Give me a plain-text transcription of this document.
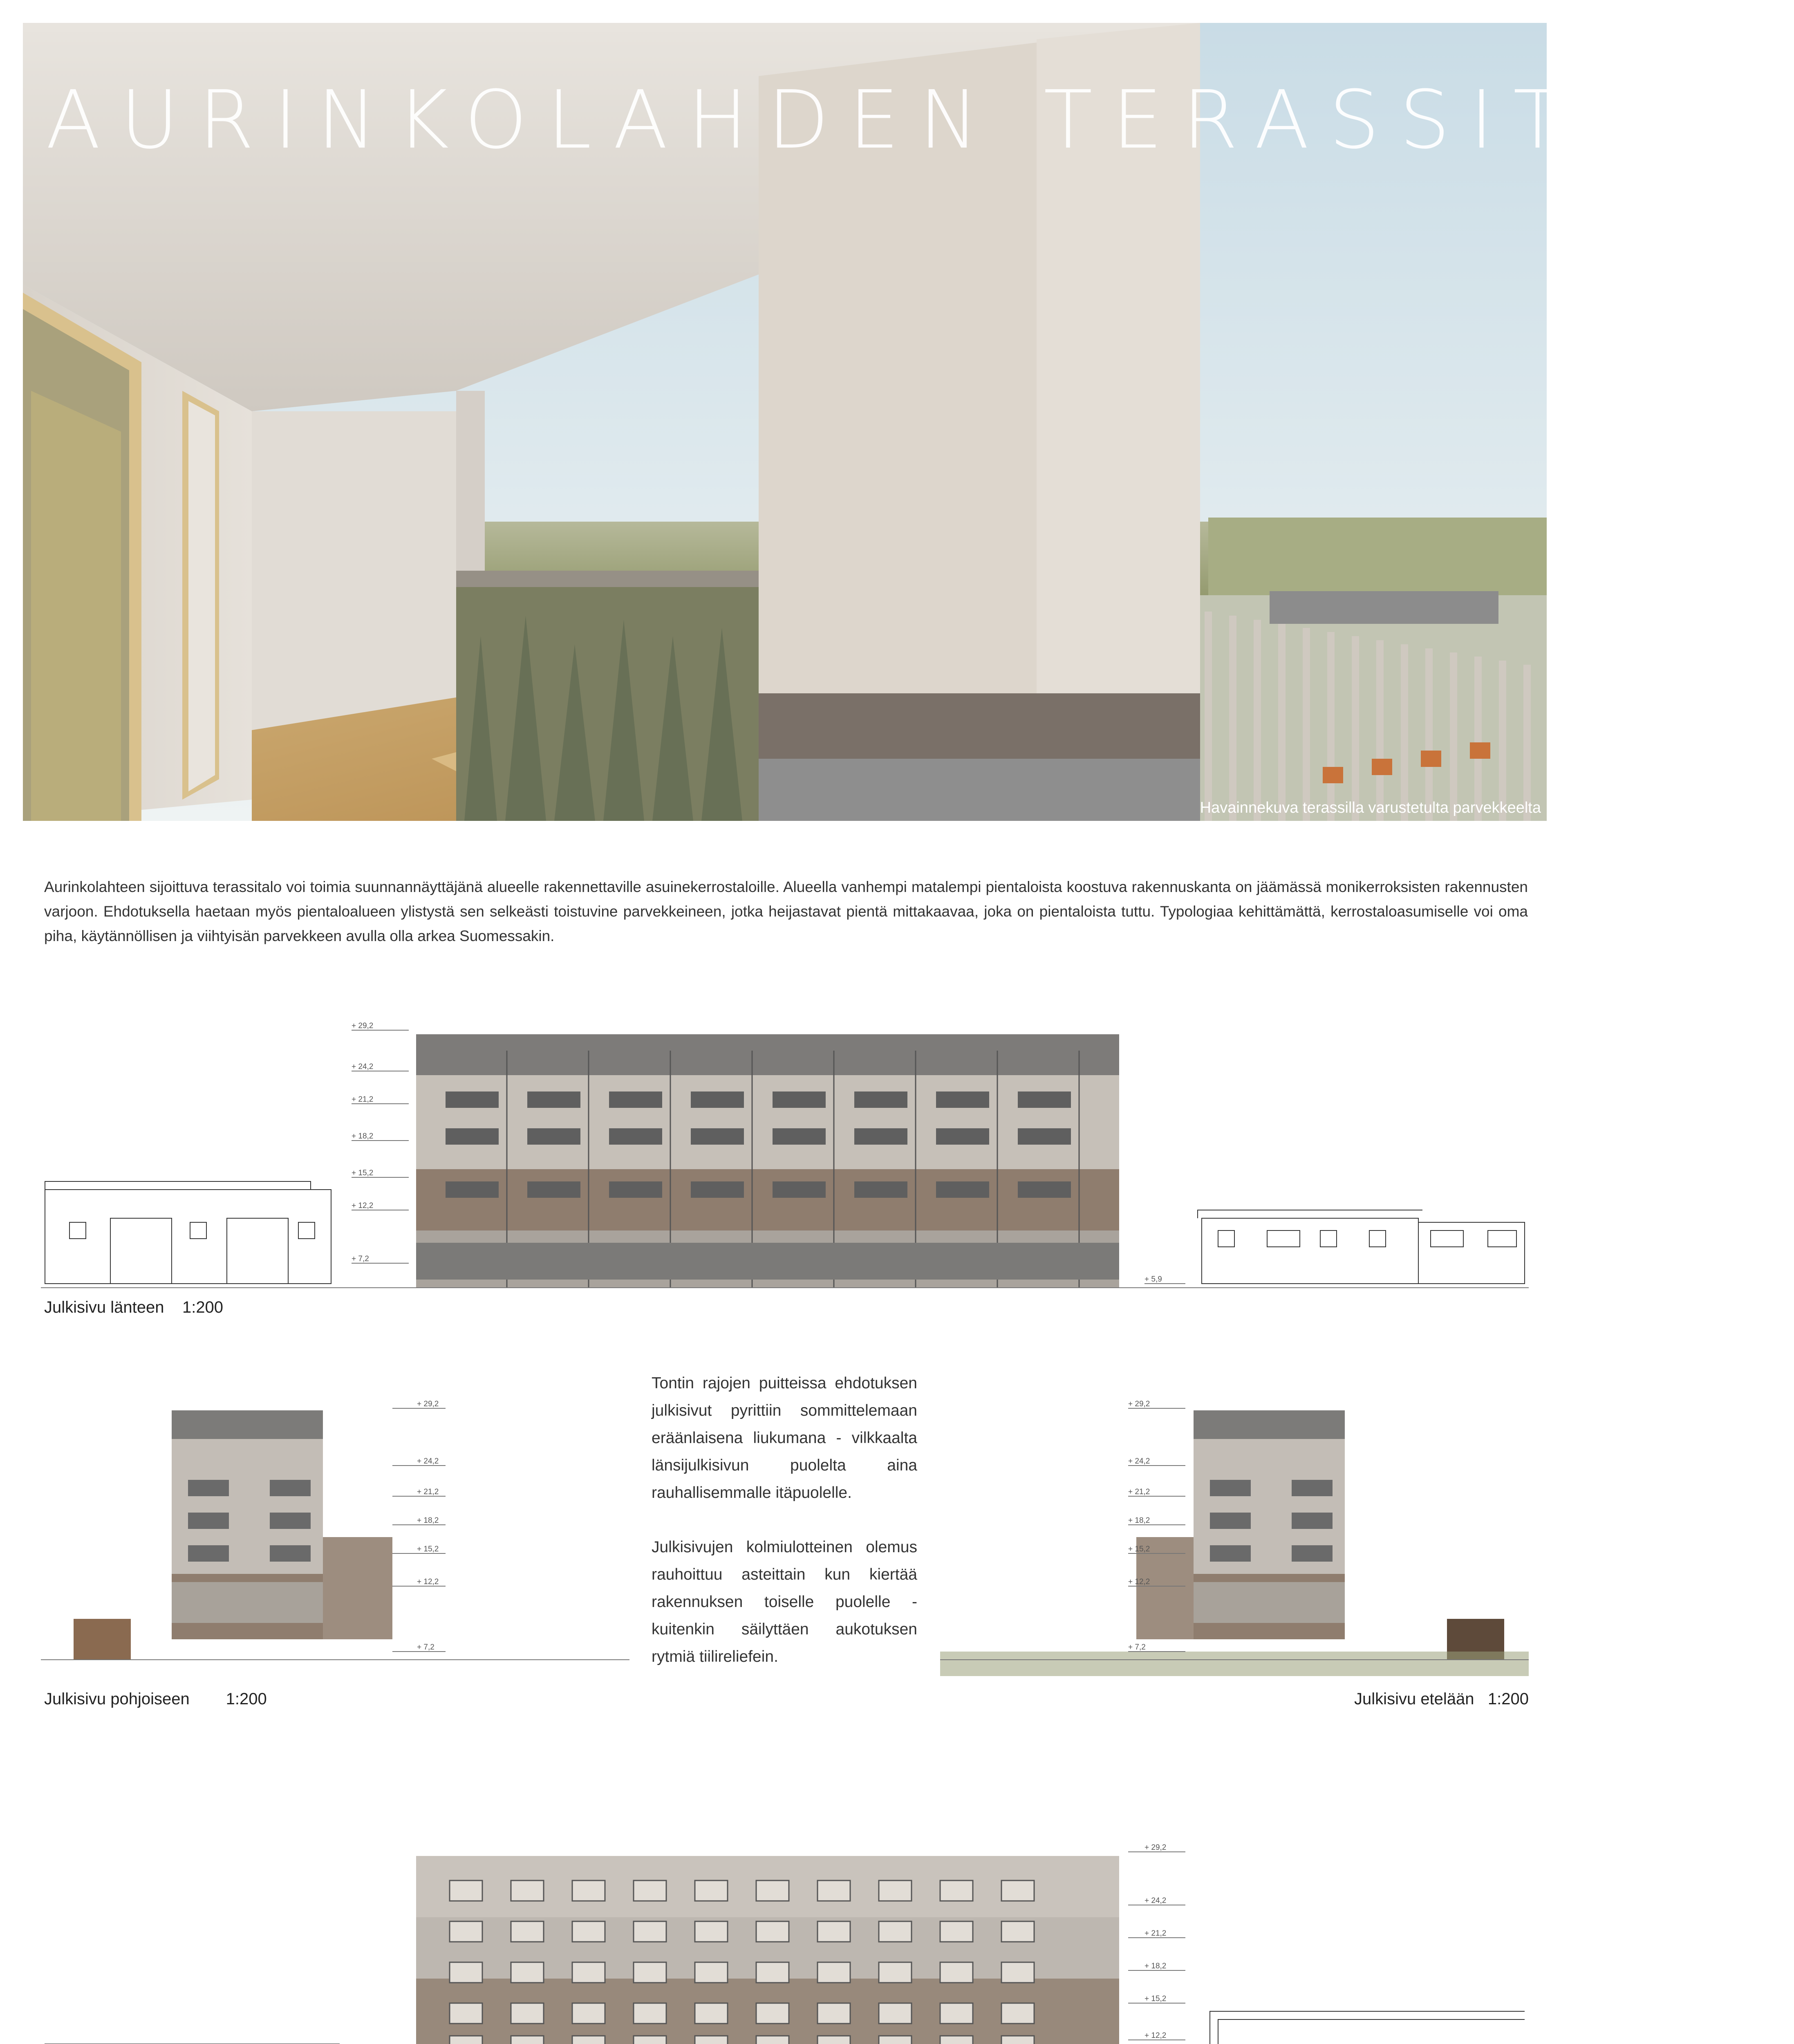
AURINKOLAHDEN TERASSITALO
Havainnekuva terassilla varustetulta parvekkeelta
Aurinkolahteen sijoittuva terassitalo voi toimia suunnannäyttäjänä alueelle rakennettaville asuinekerrostaloille. Alueella vanhempi matalempi pientaloista koostuva rakennuskanta on jäämässä monikerroksisten rakennusten varjoon. Ehdotuksella haetaan myös pientaloalueen ylistystä sen selkeästi toistuvine parvekkeineen, jotka heijastavat pientä mittakaavaa, joka on pientaloista tuttu. Typologiaa kehittämättä, kerrostaloasumiselle voi oma piha, käytännöllisen ja viihtyisän parvekkeen avulla olla arkea Suomessakin.
+ 29,2
+ 24,2
+ 21,2
+ 18,2
+ 15,2
+ 12,2
+ 7,2
+ 5,9
Julkisivu länteen 1:200
+ 29,2
+ 24,2
+ 21,2
+ 18,2
+ 15,2
+ 12,2
+ 7,2
Julkisivu pohjoiseen 1:200

Tontin rajojen puitteissa ehdotuksen julkisivut pyrittiin sommittelemaan eräänlaisena liukumana - vilkkaalta länsijulkisivun puolelta aina rauhallisemmalle itäpuolelle.

Julkisivujen kolmiulotteinen olemus rauhoittuu asteittain kun kiertää rakennuksen toiselle puolelle - kuitenkin säilyttäen aukotuksen rytmiä tiilireliefein.

+ 29,2
+ 24,2
+ 21,2
+ 18,2
+ 15,2
+ 12,2
+ 7,2
Julkisivu etelään 1:200
+ 29,2
+ 24,2
+ 21,2
+ 18,2
+ 15,2
+ 12,2
